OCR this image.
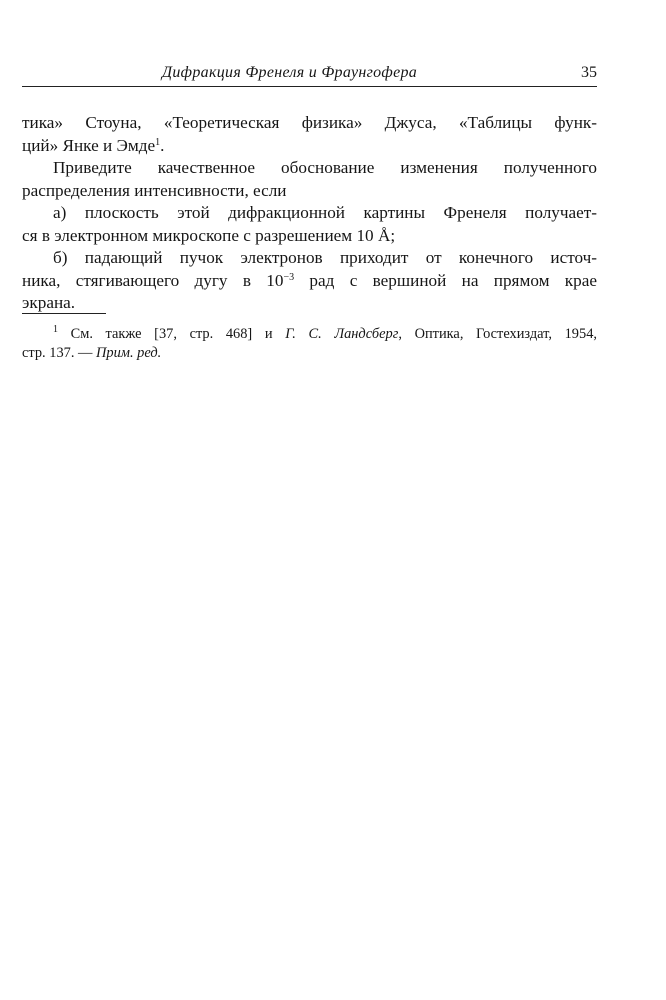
Дифракция Френеля и Фраунгофера	35
тика» Стоуна, «Теоретическая физика» Джуса, «Таблицы функ-
ций» Янке и Эмде$^1$.
Приведите качественное обоснование изменения полученного
распределения интенсивности, если
а) плоскость этой дифракционной картины Френеля получает-
ся в электронном микроскопе с разрешением 10 Å;
б) падающий пучок электронов приходит от конечного источ-
ника, стягивающего дугу в $10^{-3}$ рад с вершиной на прямом крае
экрана.
$^1$ См. также [37, стр. 468] и Г. С. Ландсберг, Оптика, Гостехиздат, 1954,
стр. 137. — Прим. ред.
